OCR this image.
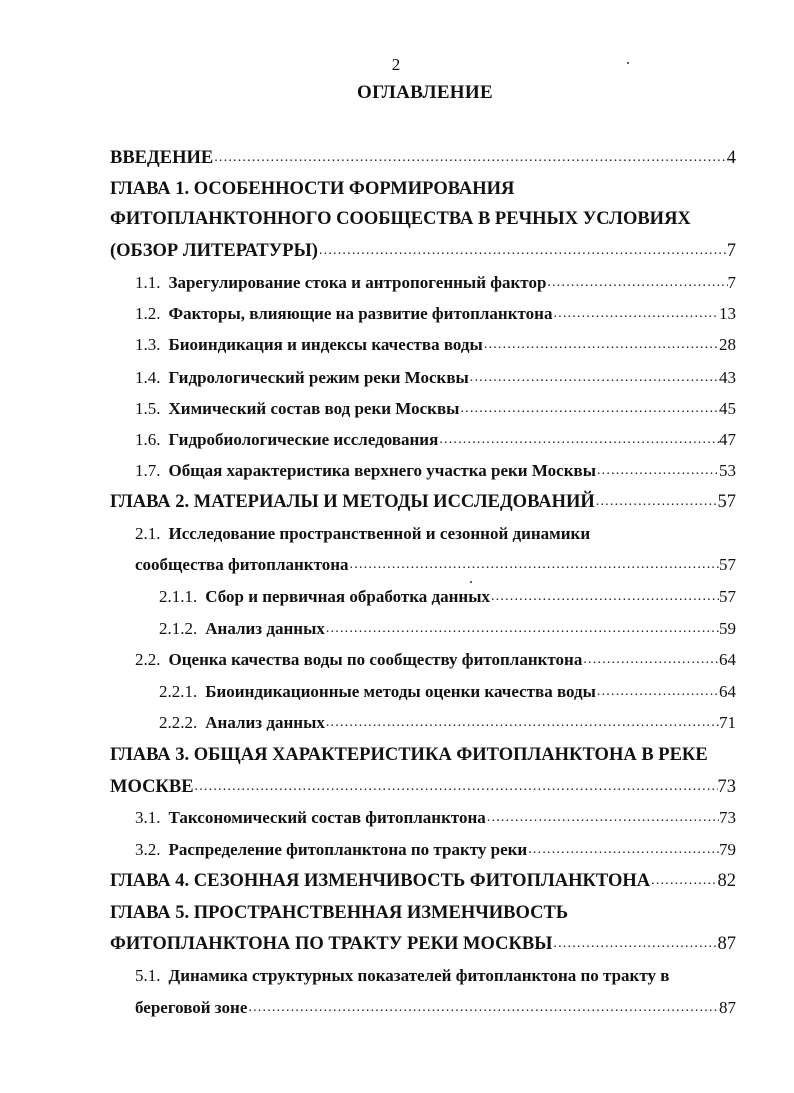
2
ОГЛАВЛЕНИЕ
ВВЕДЕНИЕ .....	4
ГЛАВА 1. ОСОБЕННОСТИ ФОРМИРОВАНИЯ
ФИТОПЛАНКТОННОГО СООБЩЕСТВА В РЕЧНЫХ УСЛОВИЯХ
(ОБЗОР ЛИТЕРАТУРЫ) .....	7
1.1. Зарегулирование стока и антропогенный фактор .....	7
1.2. Факторы, влияющие на развитие фитопланктона .....	13
1.3. Биоиндикация и индексы качества воды .....	28
1.4. Гидрологический режим реки Москвы .....	43
1.5. Химический состав вод реки Москвы .....	45
1.6. Гидробиологические исследования .....	47
1.7. Общая характеристика верхнего участка реки Москвы .....	53
ГЛАВА 2. МАТЕРИАЛЫ И МЕТОДЫ ИССЛЕДОВАНИЙ .....	57
2.1. Исследование пространственной и сезонной динамики
сообщества фитопланктона .....	57
2.1.1. Сбор и первичная обработка данных .....	57
2.1.2. Анализ данных .....	59
2.2. Оценка качества воды по сообществу фитопланктона .....	64
2.2.1. Биоиндикационные методы оценки качества воды .....	64
2.2.2. Анализ данных .....	71
ГЛАВА 3. ОБЩАЯ ХАРАКТЕРИСТИКА ФИТОПЛАНКТОНА В РЕКЕ
МОСКВЕ .....	73
3.1. Таксономический состав фитопланктона .....	73
3.2. Распределение фитопланктона по тракту реки .....	79
ГЛАВА 4. СЕЗОННАЯ ИЗМЕНЧИВОСТЬ ФИТОПЛАНКТОНА .....	82
ГЛАВА 5. ПРОСТРАНСТВЕННАЯ ИЗМЕНЧИВОСТЬ
ФИТОПЛАНКТОНА ПО ТРАКТУ РЕКИ МОСКВЫ .....	87
5.1. Динамика структурных показателей фитопланктона по тракту в
береговой зоне .....	87
